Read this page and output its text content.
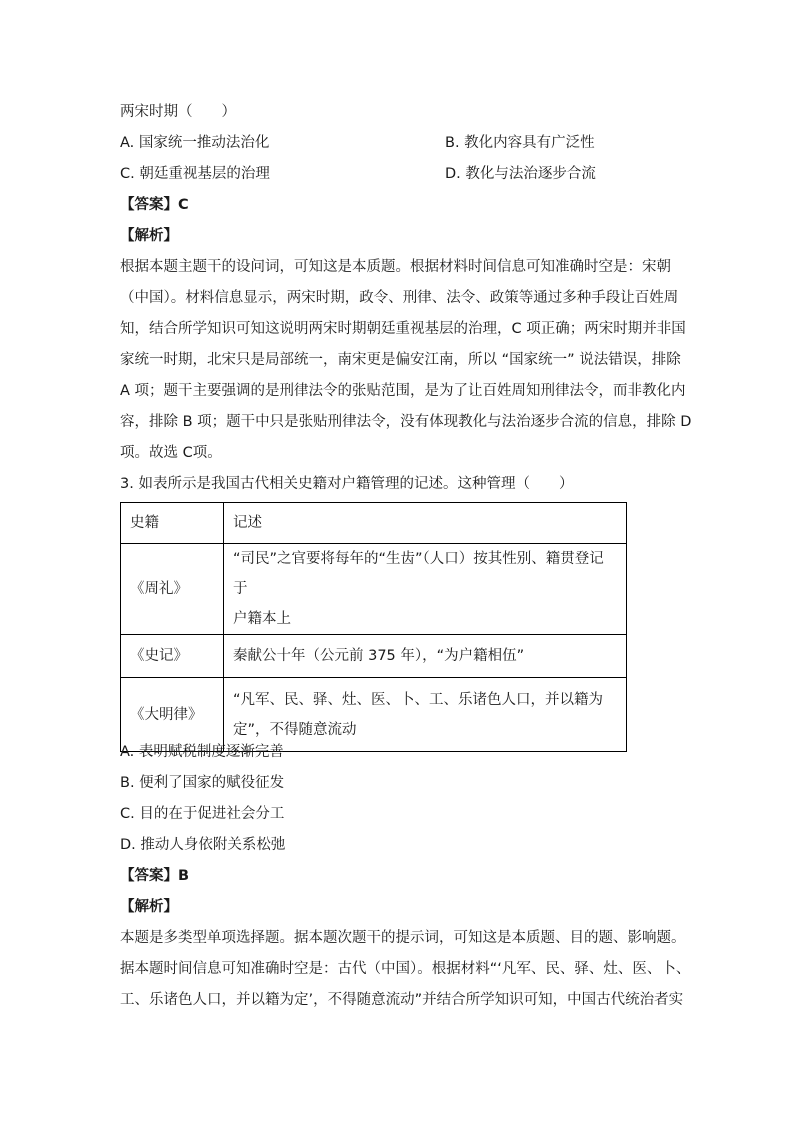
两宋时期（　　）
A. 国家统一推动法治化	B. 教化内容具有广泛性
C. 朝廷重视基层的治理	D. 教化与法治逐步合流
【答案】C
【解析】
根据本题主题干的设问词，可知这是本质题。根据材料时间信息可知准确时空是：宋朝
（中国）。材料信息显示，两宋时期，政令、刑律、法令、政策等通过多种手段让百姓周
知，结合所学知识可知这说明两宋时期朝廷重视基层的治理，C 项正确；两宋时期并非国
家统一时期，北宋只是局部统一，南宋更是偏安江南，所以 “国家统一” 说法错误，排除
A 项；题干主要强调的是刑律法令的张贴范围，是为了让百姓周知刑律法令，而非教化内
容，排除 B 项；题干中只是张贴刑律法令，没有体现教化与法治逐步合流的信息，排除 D
项。故选 C项。
3. 如表所示是我国古代相关史籍对户籍管理的记述。这种管理（　　）
史籍	记述
《周礼》	“司民”之官要将每年的“生齿”（人口）按其性别、籍贯登记于
户籍本上

《史记》	秦献公十年（公元前 375 年），“为户籍相伍”

《大明律》	“凡军、民、驿、灶、医、卜、工、乐诸色人口，并以籍为
定”，不得随意流动
A. 表明赋税制度逐渐完善
B. 便利了国家的赋役征发
C. 目的在于促进社会分工
D. 推动人身依附关系松弛
【答案】B
【解析】
本题是多类型单项选择题。据本题次题干的提示词，可知这是本质题、目的题、影响题。
据本题时间信息可知准确时空是：古代（中国）。根据材料“‘凡军、民、驿、灶、医、卜、
工、乐诸色人口，并以籍为定’，不得随意流动”并结合所学知识可知，中国古代统治者实
